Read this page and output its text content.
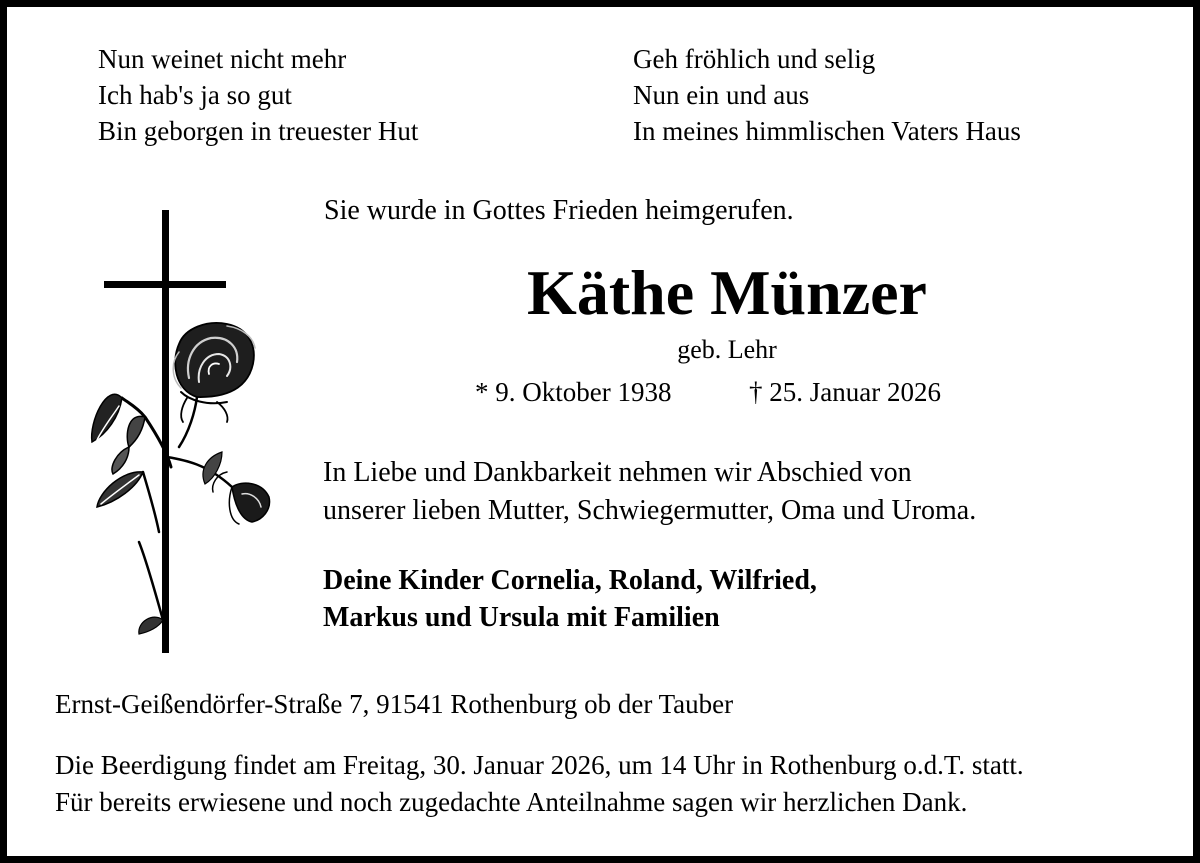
Nun weinet nicht mehr
Ich hab's ja so gut
Bin geborgen in treuester Hut
Geh fröhlich und selig
Nun ein und aus
In meines himmlischen Vaters Haus
Sie wurde in Gottes Frieden heimgerufen.
Käthe Münzer
geb. Lehr
* 9. Oktober 1938	† 25. Januar 2026
In Liebe und Dankbarkeit nehmen wir Abschied von
unserer lieben Mutter, Schwiegermutter, Oma und Uroma.
Deine Kinder Cornelia, Roland, Wilfried,
Markus und Ursula mit Familien
Ernst-Geißendörfer-Straße 7, 91541 Rothenburg ob der Tauber
Die Beerdigung findet am Freitag, 30. Januar 2026, um 14 Uhr in Rothenburg o.d.T. statt.
Für bereits erwiesene und noch zugedachte Anteilnahme sagen wir herzlichen Dank.
